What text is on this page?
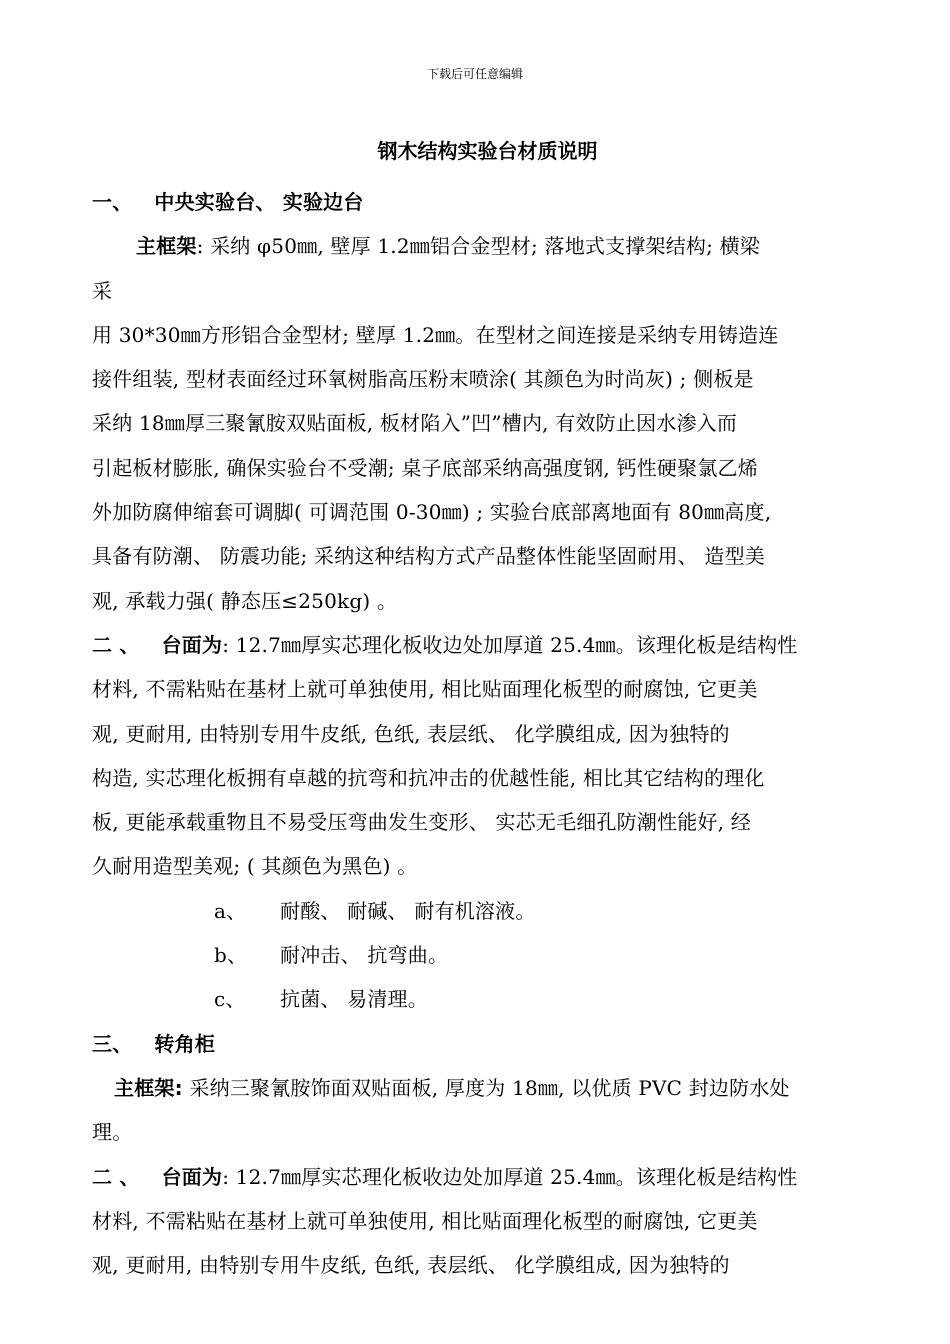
下载后可任意编辑
钢木结构实验台材质说明
一、 中央实验台、 实验边台
主框架: 采纳 φ50㎜, 壁厚 1.2㎜铝合金型材; 落地式支撑架结构; 横梁
采
用 30*30㎜方形铝合金型材; 壁厚 1.2㎜。在型材之间连接是采纳专用铸造连
接件组装, 型材表面经过环氧树脂高压粉末喷涂( 其颜色为时尚灰) ; 侧板是
采纳 18㎜厚三聚氰胺双贴面板, 板材陷入”凹”槽内, 有效防止因水渗入而
引起板材膨胀, 确保实验台不受潮; 桌子底部采纳高强度钢, 钙性硬聚氯乙烯
外加防腐伸缩套可调脚( 可调范围 0-30㎜) ; 实验台底部离地面有 80㎜高度,
具备有防潮、 防震功能; 采纳这种结构方式产品整体性能坚固耐用、 造型美
观, 承载力强( 静态压≤250kg) 。
二 、 台面为: 12.7㎜厚实芯理化板收边处加厚道 25.4㎜。该理化板是结构性
材料, 不需粘贴在基材上就可单独使用, 相比贴面理化板型的耐腐蚀, 它更美
观, 更耐用, 由特别专用牛皮纸, 色纸, 表层纸、 化学膜组成, 因为独特的
构造, 实芯理化板拥有卓越的抗弯和抗冲击的优越性能, 相比其它结构的理化
板, 更能承载重物且不易受压弯曲发生变形、 实芯无毛细孔防潮性能好, 经
久耐用造型美观; ( 其颜色为黑色) 。
a、 耐酸、 耐碱、 耐有机溶液。
b、 耐冲击、 抗弯曲。
c、 抗菌、 易清理。
三、 转角柜
主框架: 采纳三聚氰胺饰面双贴面板, 厚度为 18㎜, 以优质 PVC 封边防水处
理。
二 、 台面为: 12.7㎜厚实芯理化板收边处加厚道 25.4㎜。该理化板是结构性
材料, 不需粘贴在基材上就可单独使用, 相比贴面理化板型的耐腐蚀, 它更美
观, 更耐用, 由特别专用牛皮纸, 色纸, 表层纸、 化学膜组成, 因为独特的
